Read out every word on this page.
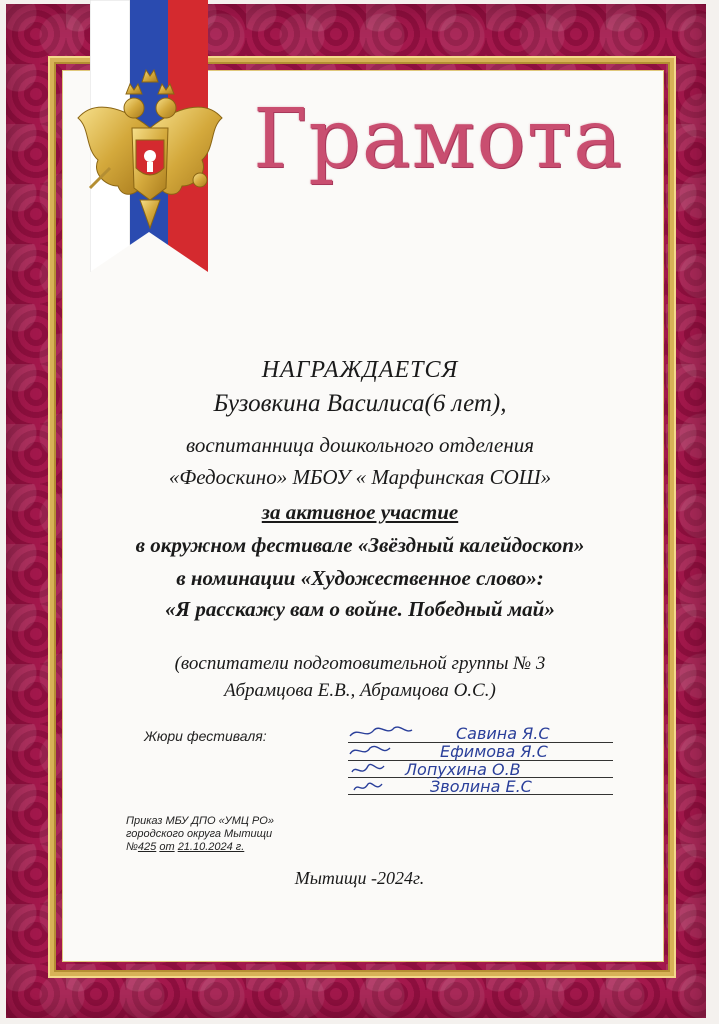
Грамота
НАГРАЖДАЕТСЯ
Бузовкина Василиса(6 лет),
воспитанница дошкольного отделения
«Федоскино» МБОУ « Марфинская СОШ»
за активное участие
в окружном фестивале «Звёздный калейдоскоп»
в номинации «Художественное слово»:
«Я расскажу вам о войне. Победный май»
(воспитатели подготовительной группы № 3
Абрамцова Е.В., Абрамцова О.С.)
Жюри фестиваля:	Савина Я.С
Ефимова Я.С
Лопухина О.В
Зволина Е.С
Приказ МБУ ДПО «УМЦ РО»
городского округа Мытищи
№425 от 21.10.2024 г.
Мытищи -2024г.
